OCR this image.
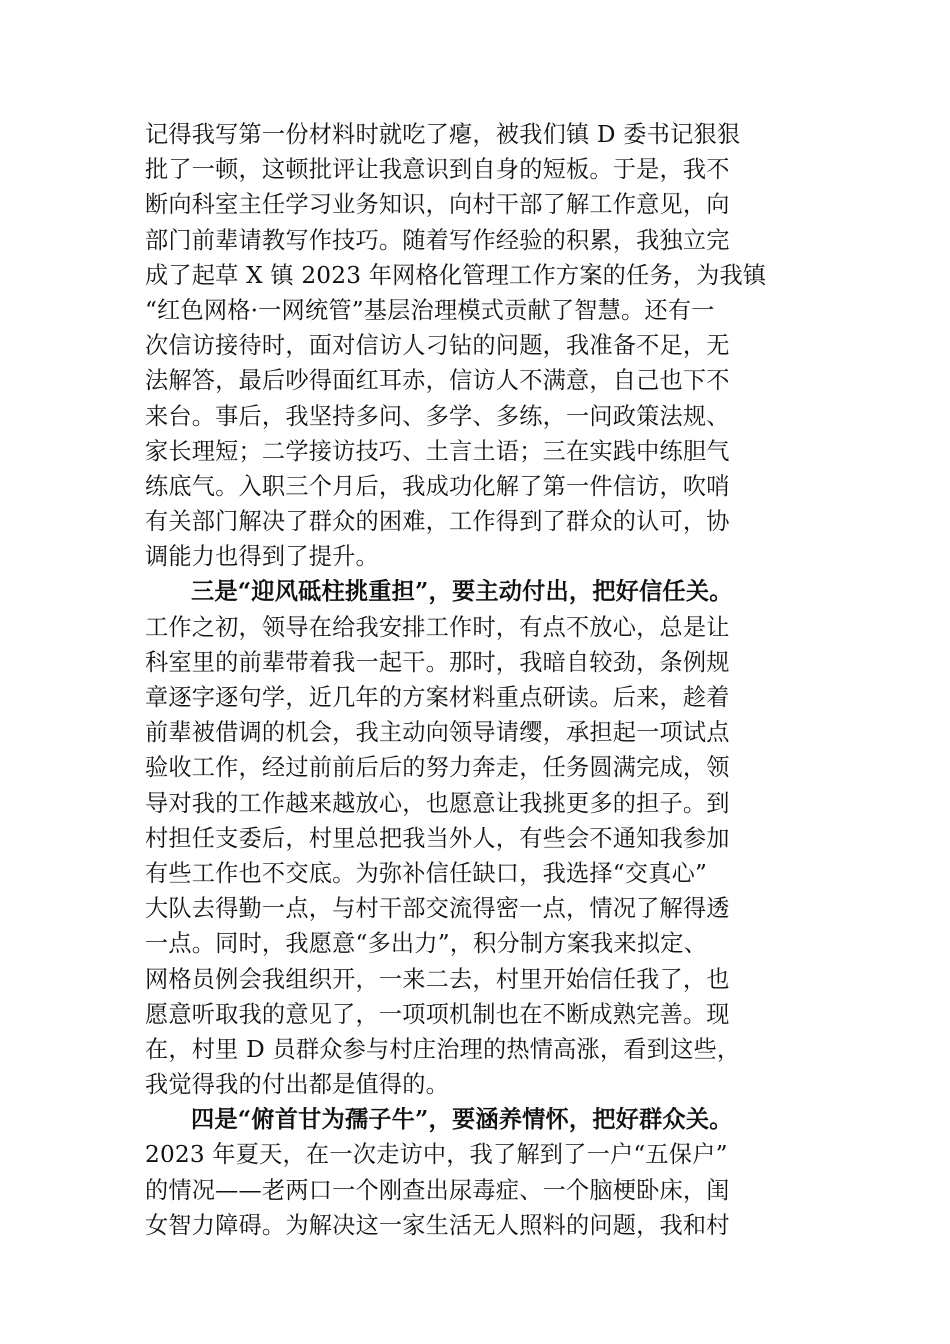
记得我写第一份材料时就吃了瘪，被我们镇 D 委书记狠狠
批了一顿，这顿批评让我意识到自身的短板。于是，我不
断向科室主任学习业务知识，向村干部了解工作意见，向
部门前辈请教写作技巧。随着写作经验的积累，我独立完
成了起草 X 镇 2023 年网格化管理工作方案的任务，为我镇
“红色网格·一网统管”基层治理模式贡献了智慧。还有一
次信访接待时，面对信访人刁钻的问题，我准备不足，无
法解答，最后吵得面红耳赤，信访人不满意，自己也下不
来台。事后，我坚持多问、多学、多练，一问政策法规、
家长理短；二学接访技巧、土言土语；三在实践中练胆气
练底气。入职三个月后，我成功化解了第一件信访，吹哨
有关部门解决了群众的困难，工作得到了群众的认可，协
调能力也得到了提升。
三是“迎风砥柱挑重担”，要主动付出，把好信任关。
工作之初，领导在给我安排工作时，有点不放心，总是让
科室里的前辈带着我一起干。那时，我暗自较劲，条例规
章逐字逐句学，近几年的方案材料重点研读。后来，趁着
前辈被借调的机会，我主动向领导请缨，承担起一项试点
验收工作，经过前前后后的努力奔走，任务圆满完成，领
导对我的工作越来越放心，也愿意让我挑更多的担子。到
村担任支委后，村里总把我当外人，有些会不通知我参加
有些工作也不交底。为弥补信任缺口，我选择“交真心”
大队去得勤一点，与村干部交流得密一点，情况了解得透
一点。同时，我愿意“多出力”，积分制方案我来拟定、
网格员例会我组织开，一来二去，村里开始信任我了，也
愿意听取我的意见了，一项项机制也在不断成熟完善。现
在，村里 D 员群众参与村庄治理的热情高涨，看到这些，
我觉得我的付出都是值得的。
四是“俯首甘为孺子牛”，要涵养情怀，把好群众关。
2023 年夏天，在一次走访中，我了解到了一户“五保户”
的情况——老两口一个刚查出尿毒症、一个脑梗卧床，闺
女智力障碍。为解决这一家生活无人照料的问题，我和村
